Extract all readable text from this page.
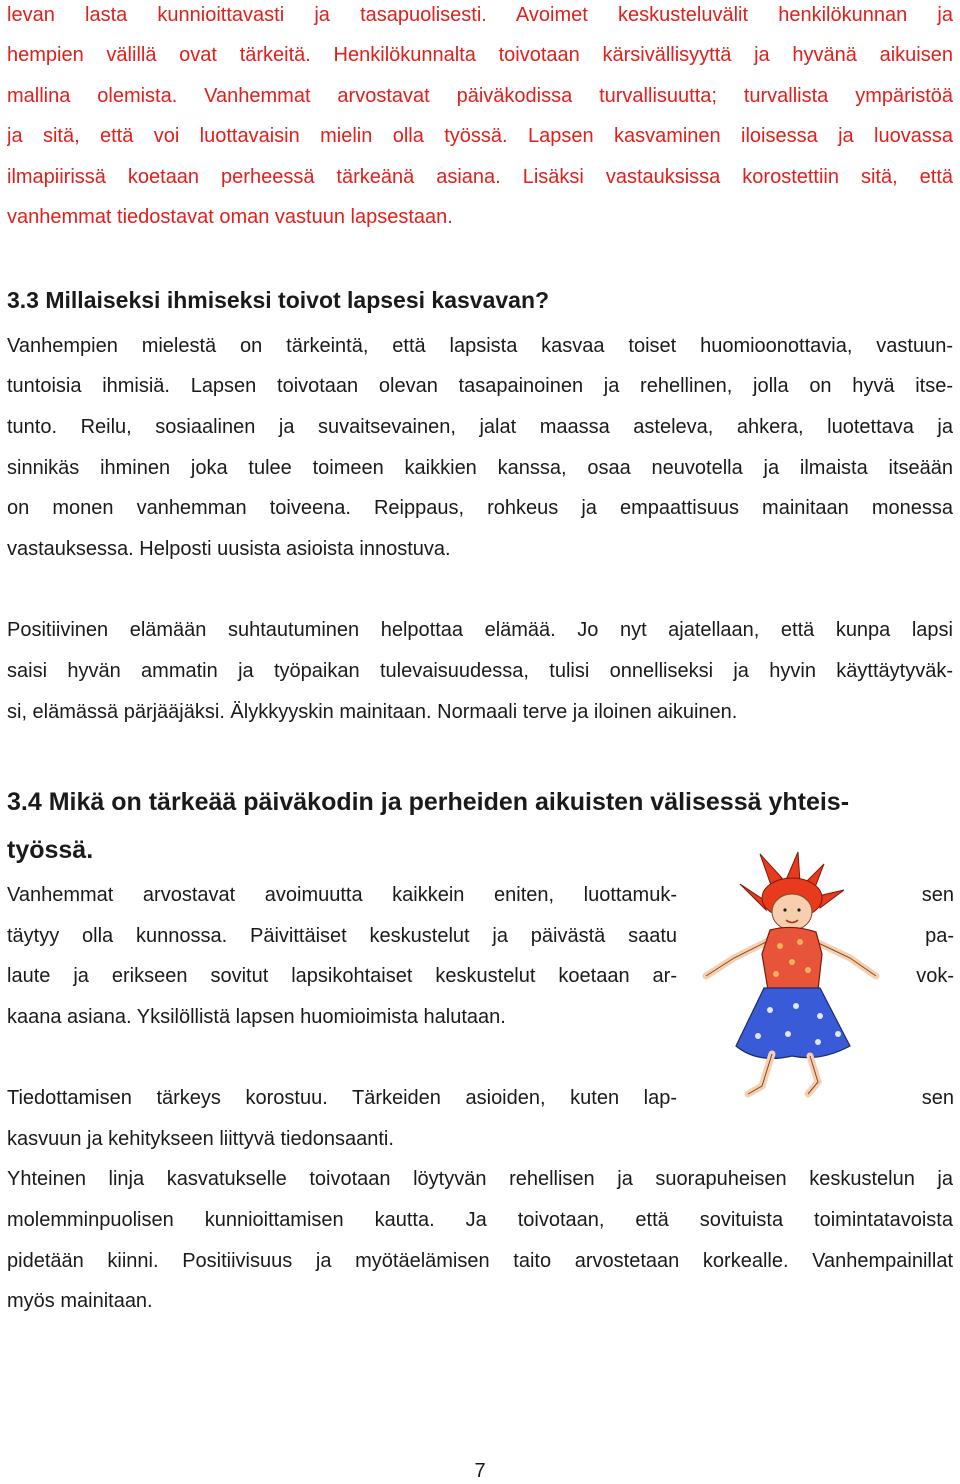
levan lasta kunnioittavasti ja tasapuolisesti. Avoimet keskusteluvälit henkilökunnan ja
hempien välillä ovat tärkeitä. Henkilökunnalta toivotaan kärsivällisyyttä ja hyvänä aikuisen
mallina olemista. Vanhemmat arvostavat päiväkodissa turvallisuutta; turvallista ympäristöä
ja sitä, että voi luottavaisin mielin olla työssä. Lapsen kasvaminen iloisessa ja luovassa
ilmapiirissä koetaan perheessä tärkeänä asiana. Lisäksi vastauksissa korostettiin sitä, että
vanhemmat tiedostavat oman vastuun lapsestaan.
3.3 Millaiseksi ihmiseksi toivot lapsesi kasvavan?
Vanhempien mielestä on tärkeintä, että lapsista kasvaa toiset huomioonottavia, vastuun-
tuntoisia ihmisiä. Lapsen toivotaan olevan tasapainoinen ja rehellinen, jolla on hyvä itse-
tunto. Reilu, sosiaalinen ja suvaitsevainen, jalat maassa asteleva, ahkera, luotettava ja
sinnikäs ihminen joka tulee toimeen kaikkien kanssa, osaa neuvotella ja ilmaista itseään
on monen vanhemman toiveena. Reippaus, rohkeus ja empaattisuus mainitaan monessa
vastauksessa. Helposti uusista asioista innostuva.
Positiivinen elämään suhtautuminen helpottaa elämää. Jo nyt ajatellaan, että kunpa lapsi
saisi hyvän ammatin ja työpaikan tulevaisuudessa, tulisi onnelliseksi ja hyvin käyttäytyväk-
si, elämässä pärjääjäksi. Älykkyyskin mainitaan. Normaali terve ja iloinen aikuinen.
3.4 Mikä on tärkeää päiväkodin ja perheiden aikuisten välisessä yhteis-
työssä.
Vanhemmat arvostavat avoimuutta kaikkein eniten, luottamuk-	sen
täytyy olla kunnossa. Päivittäiset keskustelut ja päivästä saatu	pa-
laute ja erikseen sovitut lapsikohtaiset keskustelut koetaan ar-	vok-
kaana asiana. Yksilöllistä lapsen huomioimista halutaan.
Tiedottamisen tärkeys korostuu. Tärkeiden asioiden, kuten lap-	sen
kasvuun ja kehitykseen liittyvä tiedonsaanti.
Yhteinen linja kasvatukselle toivotaan löytyvän rehellisen ja suorapuheisen keskustelun ja
molemminpuolisen kunnioittamisen kautta. Ja toivotaan, että sovituista toimintatavoista
pidetään kiinni. Positiivisuus ja myötäelämisen taito arvostetaan korkealle. Vanhempainillat
myös mainitaan.
7
